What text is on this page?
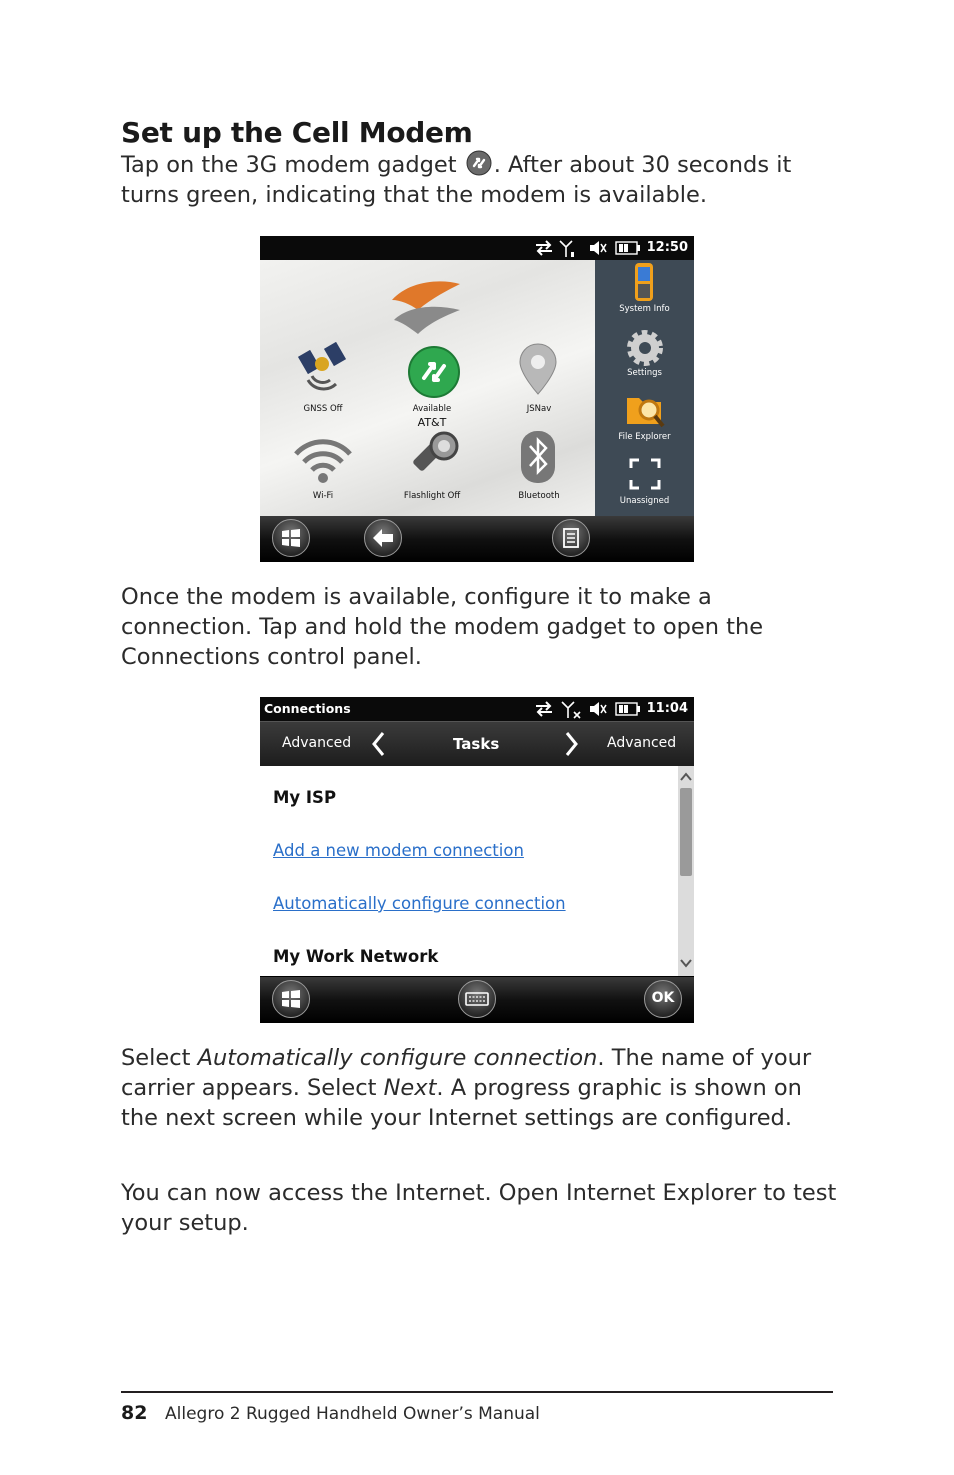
Set up the Cell Modem
Tap on the 3G modem gadget . After about 30 seconds it turns green, indicating that the modem is available.
12:50
GNSS Off	Available
AT&T
JSNav
Wi-Fi	Flashlight Off	Bluetooth
System Info
Settings
File Explorer
Unassigned
Once the modem is available, configure it to make a connection. Tap and hold the modem gadget to open the Connections control panel.
Connections	11:04
Advanced	Tasks	Advanced
My ISP
Add a new modem connection
Automatically configure connection
My Work Network
OK
Select Automatically configure connection. The name of your carrier appears. Select Next. A progress graphic is shown on the next screen while your Internet settings are configured.
You can now access the Internet. Open Internet Explorer to test your setup.
82 Allegro 2 Rugged Handheld Owner’s Manual
